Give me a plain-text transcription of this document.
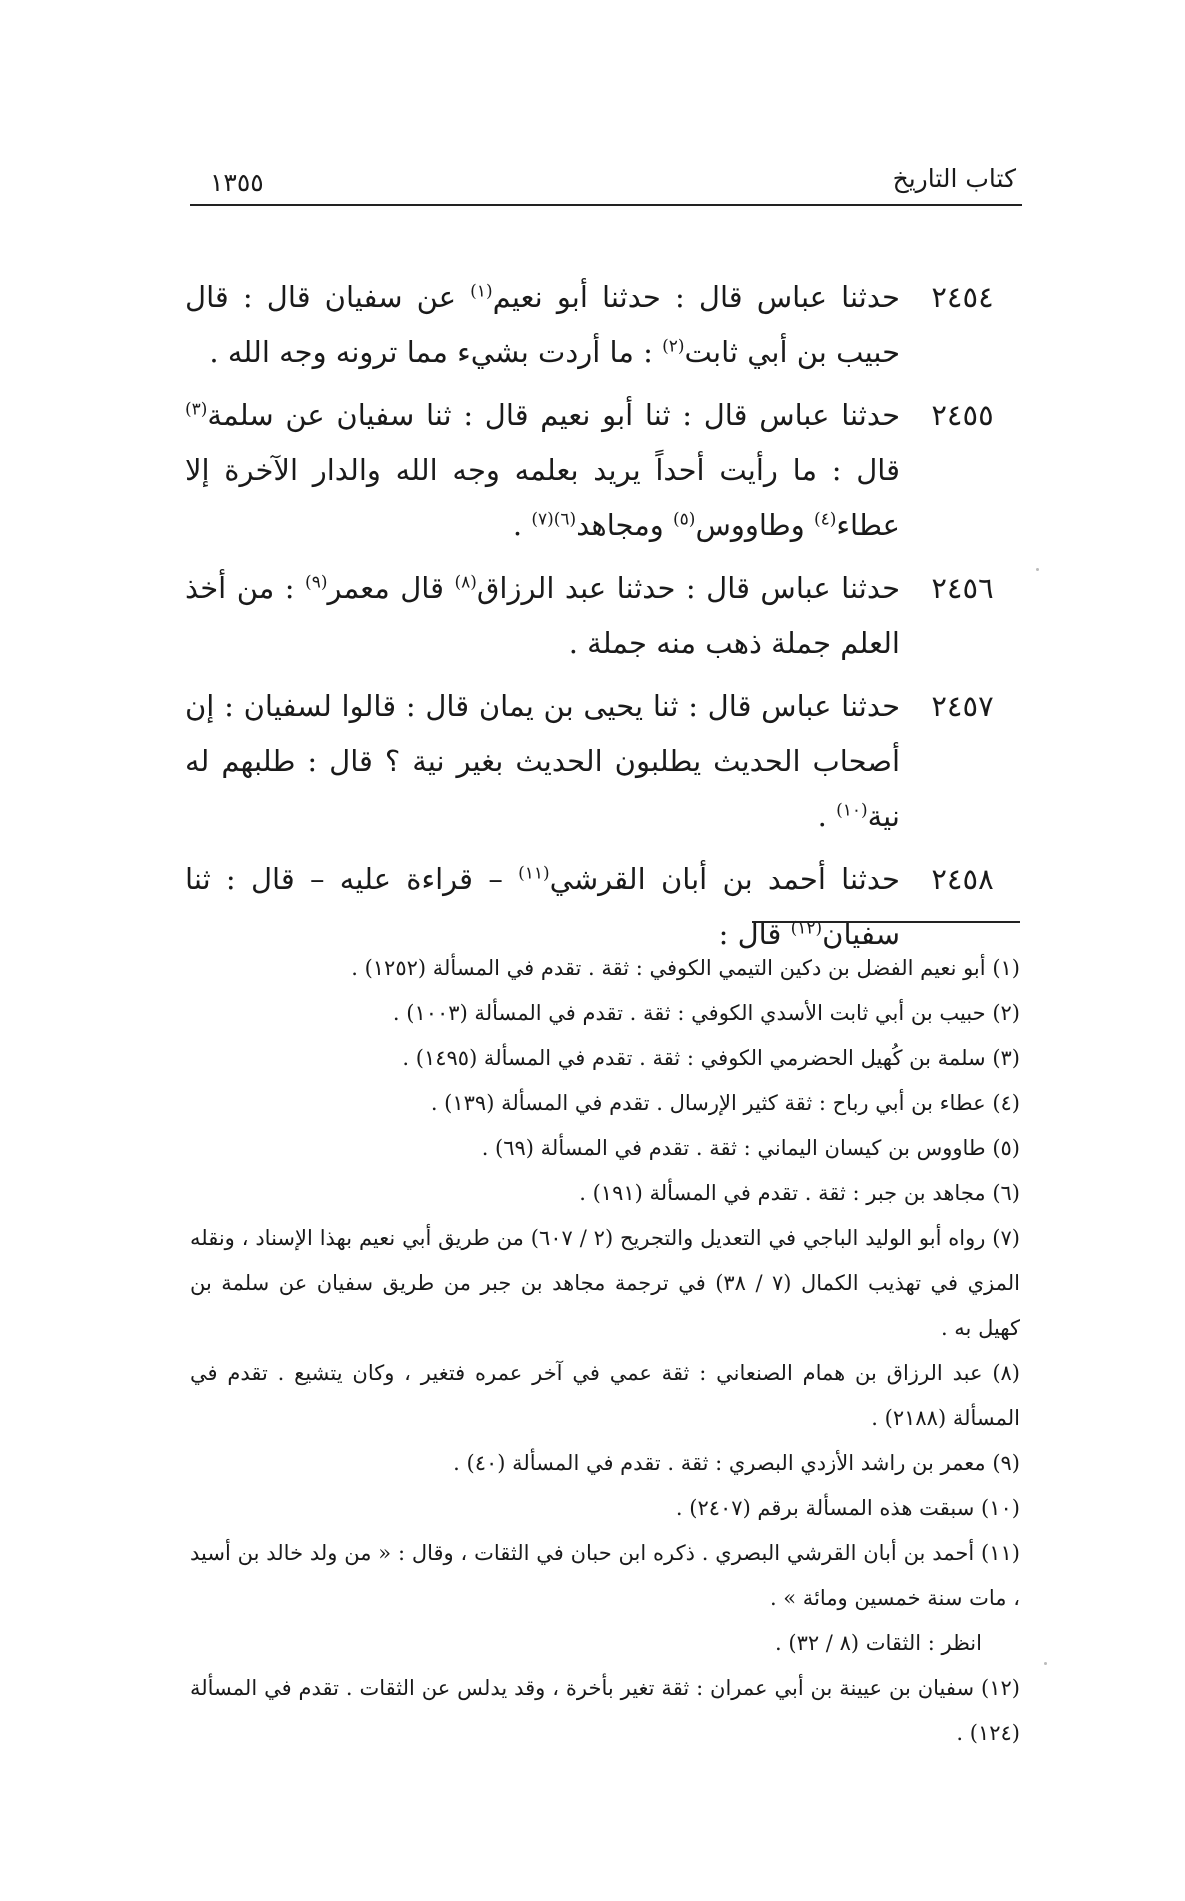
كتاب التاريخ
١٣٥٥
٢٤٥٤
حدثنا عباس قال : حدثنا أبو نعيم$^{(١)}$ عن سفيان قال : قال حبيب بن أبي ثابت$^{(٢)}$ : ما أردت بشيء مما ترونه وجه الله .
٢٤٥٥
حدثنا عباس قال : ثنا أبو نعيم قال : ثنا سفيان عن سلمة$^{(٣)}$ قال : ما رأيت أحداً يريد بعلمه وجه الله والدار الآخرة إلا عطاء$^{(٤)}$ وطاووس$^{(٥)}$ ومجاهد$^{(٦)(٧)}$ .
٢٤٥٦
حدثنا عباس قال : حدثنا عبد الرزاق$^{(٨)}$ قال معمر$^{(٩)}$ : من أخذ العلم جملة ذهب منه جملة .
٢٤٥٧
حدثنا عباس قال : ثنا يحيى بن يمان قال : قالوا لسفيان : إن أصحاب الحديث يطلبون الحديث بغير نية ؟ قال : طلبهم له نية$^{(١٠)}$ .
٢٤٥٨
حدثنا أحمد بن أبان القرشي$^{(١١)}$ – قراءة عليه – قال : ثنا سفيان$^{(١٢)}$ قال :
(١) أبو نعيم الفضل بن دكين التيمي الكوفي : ثقة . تقدم في المسألة (١٢٥٢) .
(٢) حبيب بن أبي ثابت الأسدي الكوفي : ثقة . تقدم في المسألة (١٠٠٣) .
(٣) سلمة بن كُهيل الحضرمي الكوفي : ثقة . تقدم في المسألة (١٤٩٥) .
(٤) عطاء بن أبي رباح : ثقة كثير الإرسال . تقدم في المسألة (١٣٩) .
(٥) طاووس بن كيسان اليماني : ثقة . تقدم في المسألة (٦٩) .
(٦) مجاهد بن جبر : ثقة . تقدم في المسألة (١٩١) .
(٧) رواه أبو الوليد الباجي في التعديل والتجريح (٢ / ٦٠٧) من طريق أبي نعيم بهذا الإسناد ، ونقله المزي في تهذيب الكمال (٧ / ٣٨) في ترجمة مجاهد بن جبر من طريق سفيان عن سلمة بن كهيل به .
(٨) عبد الرزاق بن همام الصنعاني : ثقة عمي في آخر عمره فتغير ، وكان يتشيع . تقدم في المسألة (٢١٨٨) .
(٩) معمر بن راشد الأزدي البصري : ثقة . تقدم في المسألة (٤٠) .
(١٠) سبقت هذه المسألة برقم (٢٤٠٧) .
(١١) أحمد بن أبان القرشي البصري . ذكره ابن حبان في الثقات ، وقال : « من ولد خالد بن أسيد ، مات سنة خمسين ومائة » .
انظر : الثقات (٨ / ٣٢) .
(١٢) سفيان بن عيينة بن أبي عمران : ثقة تغير بأخرة ، وقد يدلس عن الثقات . تقدم في المسألة (١٢٤) .
